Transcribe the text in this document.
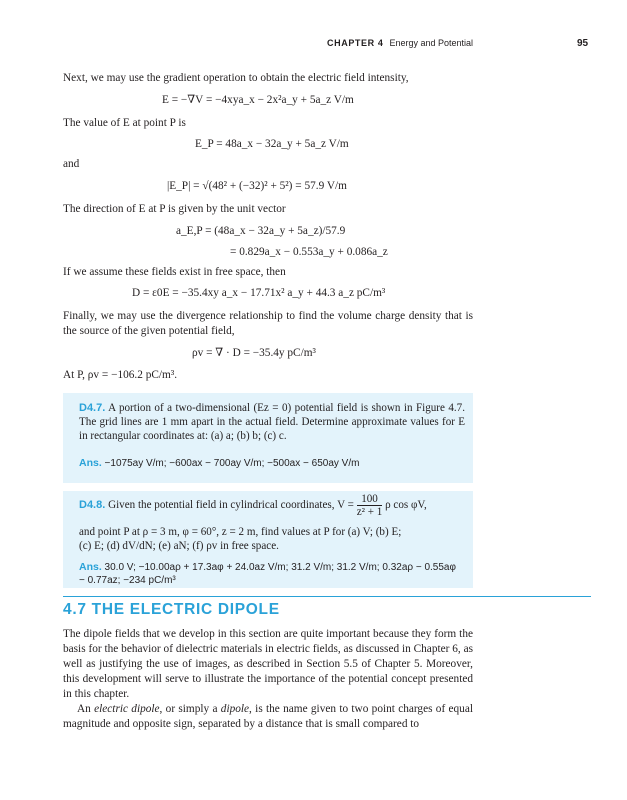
CHAPTER 4 Energy and Potential	95
Next, we may use the gradient operation to obtain the electric field intensity,
E = −∇V = −4xya_x − 2x²a_y + 5a_z V/m
The value of E at point P is
E_P = 48a_x − 32a_y + 5a_z V/m
and
|E_P| = √(48² + (−32)² + 5²) = 57.9 V/m
The direction of E at P is given by the unit vector
a_E,P = (48a_x − 32a_y + 5a_z)/57.9
= 0.829a_x − 0.553a_y + 0.086a_z
If we assume these fields exist in free space, then
D = ε0E = −35.4xy a_x − 17.71x² a_y + 44.3 a_z pC/m³
Finally, we may use the divergence relationship to find the volume charge density that is the source of the given potential field,
ρv = ∇ · D = −35.4y pC/m³
At P, ρv = −106.2 pC/m³.
D4.7. A portion of a two-dimensional (Ez = 0) potential field is shown in Figure 4.7. The grid lines are 1 mm apart in the actual field. Determine approximate values for E in rectangular coordinates at: (a) a; (b) b; (c) c.
Ans. −1075ay V/m; −600ax − 700ay V/m; −500ax − 650ay V/m
D4.8. Given the potential field in cylindrical coordinates, $V = \frac{100}{\text{z² + 1}}$ ρ cos φV,
and point P at ρ = 3 m, φ = 60°, z = 2 m, find values at P for (a) V; (b) E;
(c) E; (d) dV/dN; (e) aN; (f) ρv in free space.
Ans. 30.0 V; −10.00aρ + 17.3aφ + 24.0az V/m; 31.2 V/m; 31.2 V/m; 0.32aρ − 0.55aφ
− 0.77az; −234 pC/m³
4.7 THE ELECTRIC DIPOLE
The dipole fields that we develop in this section are quite important because they form the basis for the behavior of dielectric materials in electric fields, as discussed in Chapter 6, as well as justifying the use of images, as described in Section 5.5 of Chapter 5. Moreover, this development will serve to illustrate the importance of the potential concept presented in this chapter.
An electric dipole, or simply a dipole, is the name given to two point charges of equal magnitude and opposite sign, separated by a distance that is small compared to
